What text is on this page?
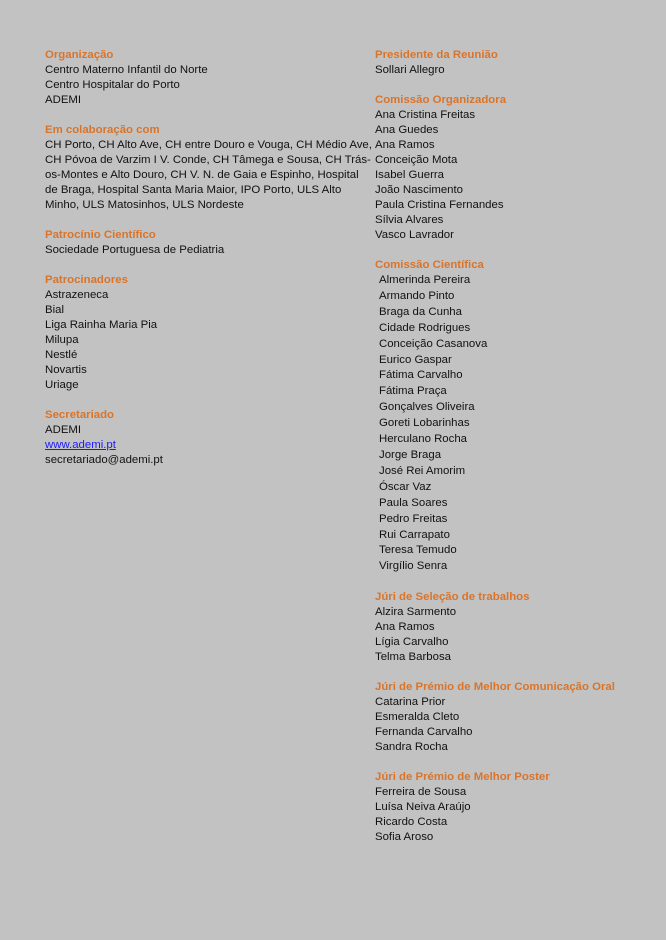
Organização
Centro Materno Infantil do Norte
Centro Hospitalar do Porto
ADEMI
Em colaboração com
CH Porto, CH Alto Ave, CH entre Douro e Vouga, CH Médio Ave,
CH Póvoa de Varzim I V. Conde, CH Tâmega e Sousa, CH Trás-
os-Montes e Alto Douro, CH V. N. de Gaia e Espinho, Hospital
de Braga, Hospital Santa Maria Maior, IPO Porto, ULS Alto
Minho, ULS Matosinhos, ULS Nordeste
Patrocínio Científico
Sociedade Portuguesa de Pediatria
Patrocinadores
Astrazeneca
Bial
Liga Rainha Maria Pia
Milupa
Nestlé
Novartis
Uriage
Secretariado
ADEMI
www.ademi.pt
secretariado@ademi.pt
Presidente da Reunião
Sollari Allegro
Comissão Organizadora
Ana Cristina Freitas
Ana Guedes
Ana Ramos
Conceição Mota
Isabel Guerra
João Nascimento
Paula Cristina Fernandes
Sílvia Alvares
Vasco Lavrador
Comissão Científica
Almerinda Pereira
Armando Pinto
Braga da Cunha
Cidade Rodrigues
Conceição Casanova
Eurico Gaspar
Fátima Carvalho
Fátima Praça
Gonçalves Oliveira
Goreti Lobarinhas
Herculano Rocha
Jorge Braga
José Rei Amorim
Óscar Vaz
Paula Soares
Pedro Freitas
Rui Carrapato
Teresa Temudo
Virgílio Senra
Júri de Seleção de trabalhos
Alzira Sarmento
Ana Ramos
Lígia Carvalho
Telma Barbosa
Júri de Prémio de Melhor Comunicação Oral
Catarina Prior
Esmeralda Cleto
Fernanda Carvalho
Sandra Rocha
Júri de Prémio de Melhor Poster
Ferreira de Sousa
Luísa Neiva Araújo
Ricardo Costa
Sofia Aroso
